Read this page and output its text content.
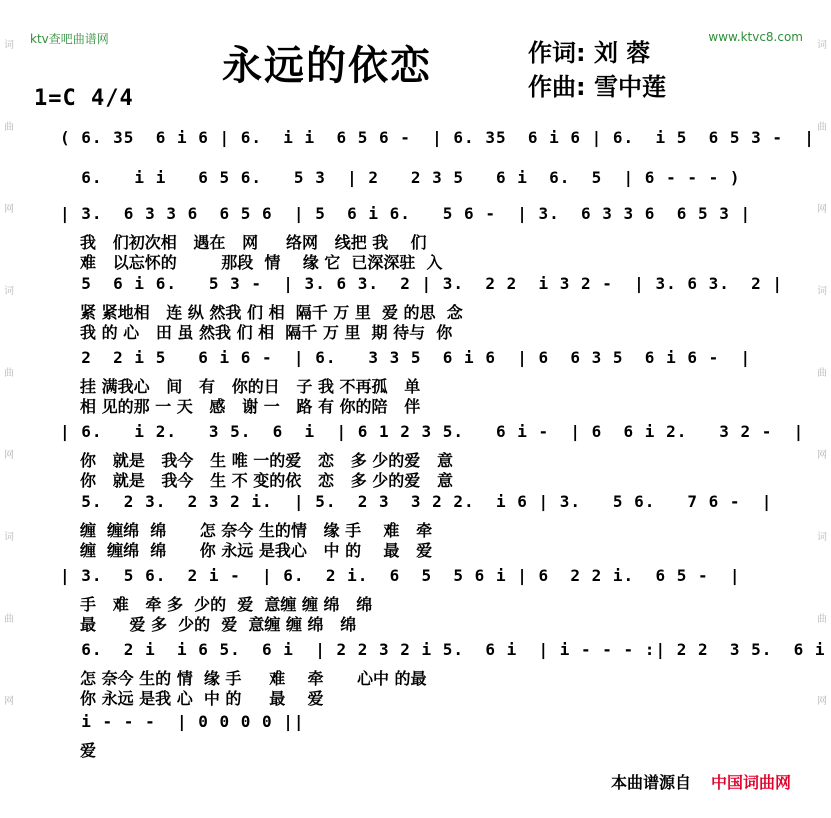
ktv查吧曲谱网	www.ktvc8.com
永远的依恋	作词: 刘 蓉
作曲: 雪中莲
1=C 4/4
词
曲
网
词
曲
网
词
曲
网
词
曲
网
词
曲
网
词
曲
网
( 6. 35  6 i 6 | 6.  i i  6 5 6 -  | 6. 35  6 i 6 | 6.  i 5  6 5 3 -  |
6.   i i   6 5 6.   5 3  | 2   2 3 5   6 i  6.  5  | 6 - - - )
| 3.  6 3 3 6  6 5 6  | 5  6 i 6.   5 6 -  | 3.  6 3 3 6  6 5 3 |
我   们初次相   遇在   网     络网   线把 我    们
难   以忘怀的        那段  情    缘 它  已深深驻  入
5  6 i 6.   5 3 -  | 3. 6 3.  2 | 3.  2 2  i 3 2 -  | 3. 6 3.  2 |
紧 紧地相   连 纵 然我 们 相  隔千 万 里  爱 的思  念
我 的 心   田 虽 然我 们 相  隔千 万 里  期 待与  你
2  2 i 5   6 i 6 -  | 6.   3 3 5  6 i 6  | 6  6 3 5  6 i 6 -  |
挂 满我心   间   有   你的日   子 我 不再孤   单
相 见的那 一 天   感   谢 一   路 有 你的陪   伴
| 6.   i 2.   3 5.  6  i  | 6 1 2 3 5.   6 i -  | 6  6 i 2.   3 2 -  |
你   就是   我今   生 唯 一的爱   恋   多 少的爱   意
你   就是   我今   生 不 变的依   恋   多 少的爱   意
5.  2 3.  2 3 2 i.  | 5.  2 3  3 2 2.  i 6 | 3.   5 6.   7 6 -  |
缠  缠绵  绵      怎 奈今 生的情   缘 手    难   牵
缠  缠绵  绵      你 永远 是我心   中 的    最   爱
| 3.  5 6.  2 i -  | 6.  2 i.  6  5  5 6 i | 6  2 2 i.  6 5 -  |
手   难   牵 多  少的  爱  意缠 缠 绵   绵
最      爱 多  少的  爱  意缠 缠 绵   绵
6.  2 i  i 6 5.  6 i  | 2 2 3 2 i 5.  6 i  | i - - - :| 2 2  3 5.  6 i
怎 奈今 生的 情  缘 手     难    牵      心中 的最
你 永远 是我 心  中 的     最    爱
i - - -  | 0 0 0 0 ||
爱
本曲谱源自 中国词曲网
